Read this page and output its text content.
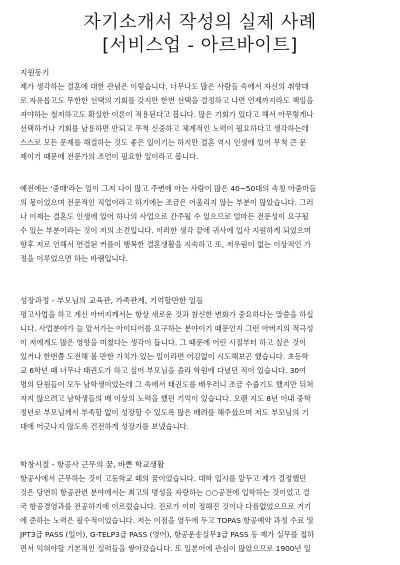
자기소개서 작성의 실제 사례
[서비스업 - 아르바이트]
지원동기

제가 생각하는 결혼에 대한 관념은 이렇습니다. 너무나도 많은 사람들 속에서 자신의 취향대
로 자유롭고도 무한한 선택의 기회를 갖지만 한번 선택을 결정하고 나면 언제까지라도 책임을
져야하는 철저하고도 확실한 이론이 적용된다고 봅니다. 많은 기회가 있다고 해서 아무렇게나
선택하거나 기회를 남용하면 안되고 무척 신중하고 체계적인 노력이 필요하다고 생각하는데
스스로 모든 문제를 해결하는 것도 좋은 일이기는 하지만 결혼 역시 인생에 있어 무척 큰 문
제이기 때문에 전문가의 조언이 필요한 일이라고 봅니다.

예전에는 '중매'라는 일이 그저 나이 많고 주변에 아는 사람이 많은 40~50대의 속칭 아줌마들
의 몫이었으며 전문적인 직업이라고 하기에는 조금은 어울리지 않는 부분이 많았습니다. 그러
나 이제는 결혼도 인생에 있어 하나의 사업으로 간주될 수 있으므로 얼마든 전문성이 요구될
수 있는 부분이라는 것이 저의 소견입니다. 이러한 생각 끝에 귀사에 입사 지원하게 되었으며
향후 저로 인해서 연결된 커플이 행복한 결혼생활을 지속하고 또, 저우림이 없는 이상적인 가
정을 이루었으면 하는 바램입니다.

성장과정 - 부모님의 교육관, 가족관계, 기억할만한 일들

평고사업을 하고 계신 아버지께서는 항상 새로운 것과 참신한 변화가 중요하다는 말씀을 하십
니다. 사업분야가 늘 앞서가는 아이디어를 요구하는 분야이기 때문인지 그런 아버지의 적극성
이 저에게도 많은 영향을 미쳤다는 생각이 듭니다. 그 때문에 어린 시절부터 하고 싶은 것이
있거나 한번쯤 도전해 볼 만한 가치가 있는 일이라면 어김없이 시도해보곤 했습니다. 초등학
교 6학년 때 너무나 태권도가 하고 싶어 부모님을 졸라 학원에 다녔던 적이 있습니다. 30여
명의 단원들이 모두 남학생이었는데 그 속에서 태권도를 배우러니 조금 수줍기도 했지만 뒤쳐
지지 않으려고 남학생들의 배 이상의 노력을 했던 기억이 있습니다. 오랜 지도 8년 이내 중학
정년로 부모님께서 부족할 없이 성장할 수 있도록 많은 배려를 해주셨으며 저도 부모님의 기
대에 어긋나지 않도록 건전하게 성장기를 보냈습니다.

학창시절 - 항공사 근무의 꿈, 바쁜 학교생활

항공사에서 근무하는 것이 고등학교 때의 꿈이었습니다. 대학 입시를 앞두고 제가 결정했던
것은 당연히 항공관련 분야에서는 최고의 명성을 자랑하는 ○○공전에 입학하는 것이었고 결
국 항공경영과를 전공하기에 이르렀습니다. 진로가 이미 정해진 것이나 다름없었으므로 거기
에 준하는 노력은 필수적이었습니다. 저는 이점을 염두에 두고 TOPAS 항공예약 과정 수료 및
JPT3급 PASS (일어), G-TELP3급 PASS (영어), 항공운송실무3급 PASS 등 제가 실무를 접하
면서 익혀야할 기본적인 실력들을 쌓아갔습니다. 또 일본어에 관심이 많았으므로 1900년 일
